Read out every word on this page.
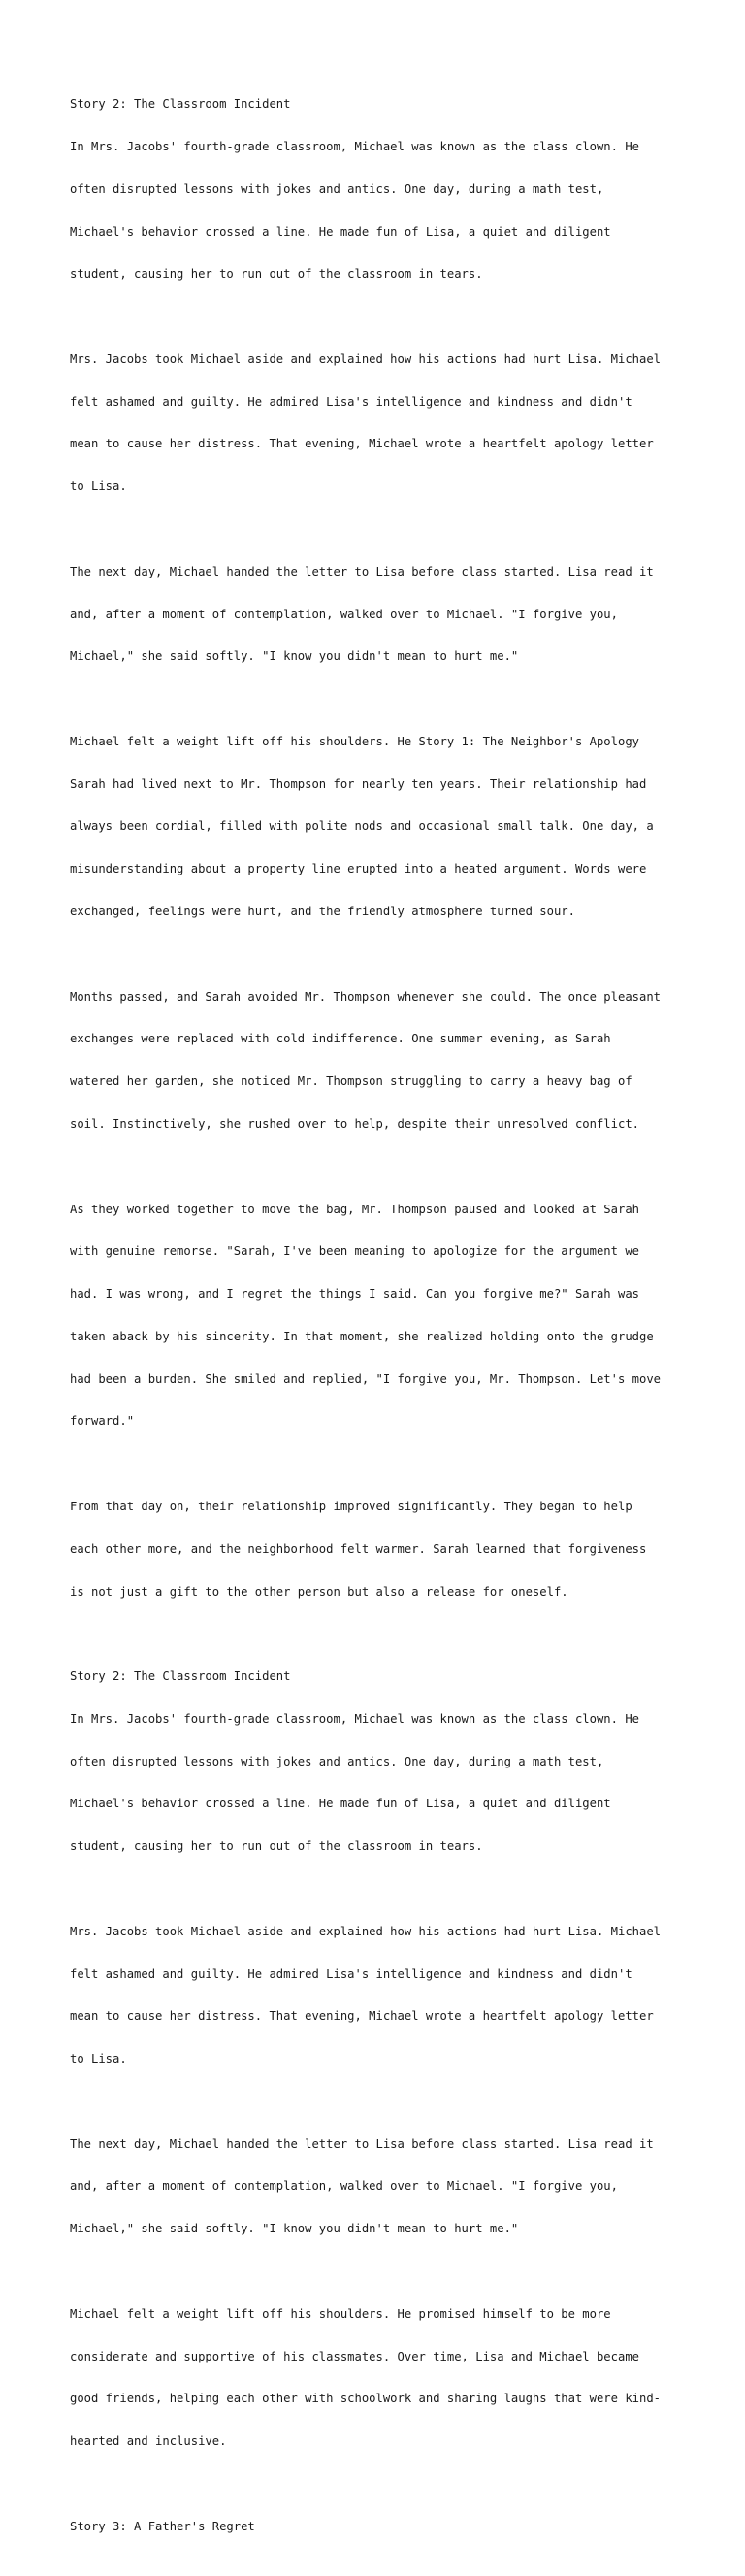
Story 2: The Classroom Incident

In Mrs. Jacobs' fourth-grade classroom, Michael was known as the class clown. He

often disrupted lessons with jokes and antics. One day, during a math test,

Michael's behavior crossed a line. He made fun of Lisa, a quiet and diligent

student, causing her to run out of the classroom in tears.

Mrs. Jacobs took Michael aside and explained how his actions had hurt Lisa. Michael

felt ashamed and guilty. He admired Lisa's intelligence and kindness and didn't

mean to cause her distress. That evening, Michael wrote a heartfelt apology letter

to Lisa.

The next day, Michael handed the letter to Lisa before class started. Lisa read it

and, after a moment of contemplation, walked over to Michael. "I forgive you,

Michael," she said softly. "I know you didn't mean to hurt me."

Michael felt a weight lift off his shoulders. He Story 1: The Neighbor's Apology

Sarah had lived next to Mr. Thompson for nearly ten years. Their relationship had

always been cordial, filled with polite nods and occasional small talk. One day, a

misunderstanding about a property line erupted into a heated argument. Words were

exchanged, feelings were hurt, and the friendly atmosphere turned sour.

Months passed, and Sarah avoided Mr. Thompson whenever she could. The once pleasant

exchanges were replaced with cold indifference. One summer evening, as Sarah

watered her garden, she noticed Mr. Thompson struggling to carry a heavy bag of

soil. Instinctively, she rushed over to help, despite their unresolved conflict.

As they worked together to move the bag, Mr. Thompson paused and looked at Sarah

with genuine remorse. "Sarah, I've been meaning to apologize for the argument we

had. I was wrong, and I regret the things I said. Can you forgive me?" Sarah was

taken aback by his sincerity. In that moment, she realized holding onto the grudge

had been a burden. She smiled and replied, "I forgive you, Mr. Thompson. Let's move

forward."

From that day on, their relationship improved significantly. They began to help

each other more, and the neighborhood felt warmer. Sarah learned that forgiveness

is not just a gift to the other person but also a release for oneself.

Story 2: The Classroom Incident

In Mrs. Jacobs' fourth-grade classroom, Michael was known as the class clown. He

often disrupted lessons with jokes and antics. One day, during a math test,

Michael's behavior crossed a line. He made fun of Lisa, a quiet and diligent

student, causing her to run out of the classroom in tears.

Mrs. Jacobs took Michael aside and explained how his actions had hurt Lisa. Michael

felt ashamed and guilty. He admired Lisa's intelligence and kindness and didn't

mean to cause her distress. That evening, Michael wrote a heartfelt apology letter

to Lisa.

The next day, Michael handed the letter to Lisa before class started. Lisa read it

and, after a moment of contemplation, walked over to Michael. "I forgive you,

Michael," she said softly. "I know you didn't mean to hurt me."

Michael felt a weight lift off his shoulders. He promised himself to be more

considerate and supportive of his classmates. Over time, Lisa and Michael became

good friends, helping each other with schoolwork and sharing laughs that were kind-

hearted and inclusive.

Story 3: A Father's Regret
